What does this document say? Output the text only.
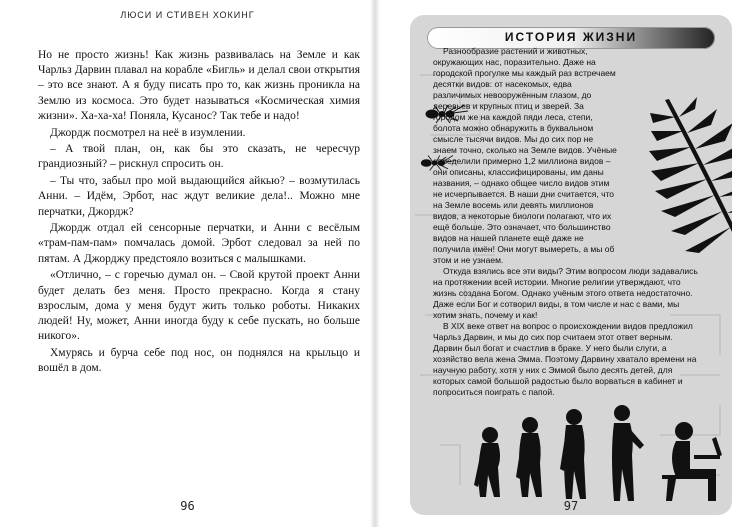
ЛЮСИ И СТИВЕН ХОКИНГ

Но не просто жизнь! Как жизнь развивалась на Земле и как Чарльз Дарвин плавал на корабле «Бигль» и делал свои открытия – это все знают. А я буду писать про то, как жизнь проникла на Землю из космоса. Это будет называться «Космическая химия жизни». Ха-ха-ха! Поняла, Кусанос? Так тебе и надо!

Джордж посмотрел на неё в изумлении.

– А твой план, он, как бы это сказать, не чересчур грандиозный? – рискнул спросить он.

– Ты что, забыл про мой выдающийся айкью? – возмутилась Анни. – Идём, Эрбот, нас ждут великие дела!.. Можно мне перчатки, Джордж?

Джордж отдал ей сенсорные перчатки, и Анни с весёлым «трам-пам-пам» помчалась домой. Эрбот следовал за ней по пятам. А Джорджу предстояло возиться с малышками.

«Отлично, – с горечью думал он. – Свой крутой проект Анни будет делать без меня. Просто прекрасно. Когда я стану взрослым, дома у меня будут жить только роботы. Никаких людей! Ну, может, Анни иногда буду к себе пускать, но больше никого».

Хмурясь и бурча себе под нос, он поднялся на крыльцо и вошёл в дом.

96
ИСТОРИЯ ЖИЗНИ

Разнообразие растений и животных, окружающих нас, поразительно. Даже на городской прогулке мы каждый раз встречаем десятки видов: от насекомых, едва различимых невооружённым глазом, до деревьев и крупных птиц и зверей. За городом же на каждой пяди леса, степи, болота можно обнаружить в буквальном смысле тысячи видов. Мы до сих пор не знаем точно, сколько на Земле видов. Учёные определили примерно 1,2 миллиона видов – они описаны, классифицированы, им даны названия, – однако общее число видов этим не исчерпывается. В наши дни считается, что на Земле восемь или девять миллионов видов, а некоторые биологи полагают, что их ещё больше. Это означает, что большинство видов на нашей планете ещё даже не получила имён! Они могут вымереть, а мы об этом и не узнаем.

Откуда взялись все эти виды? Этим вопросом люди задавались на протяжении всей истории. Многие религии утверждают, что жизнь создана Богом. Однако учёным этого ответа недостаточно. Даже если Бог и сотворил виды, в том числе и нас с вами, мы хотим знать, почему и как!

В XIX веке ответ на вопрос о происхождении видов предложил Чарльз Дарвин, и мы до сих пор считаем этот ответ верным. Дарвин был богат и счастлив в браке. У него были слуги, а хозяйство вела жена Эмма. Поэтому Дарвину хватало времени на научную работу, хотя у них с Эммой было десять детей, для которых самой большой радостью было ворваться в кабинет и попроситься поиграть с папой.

97
